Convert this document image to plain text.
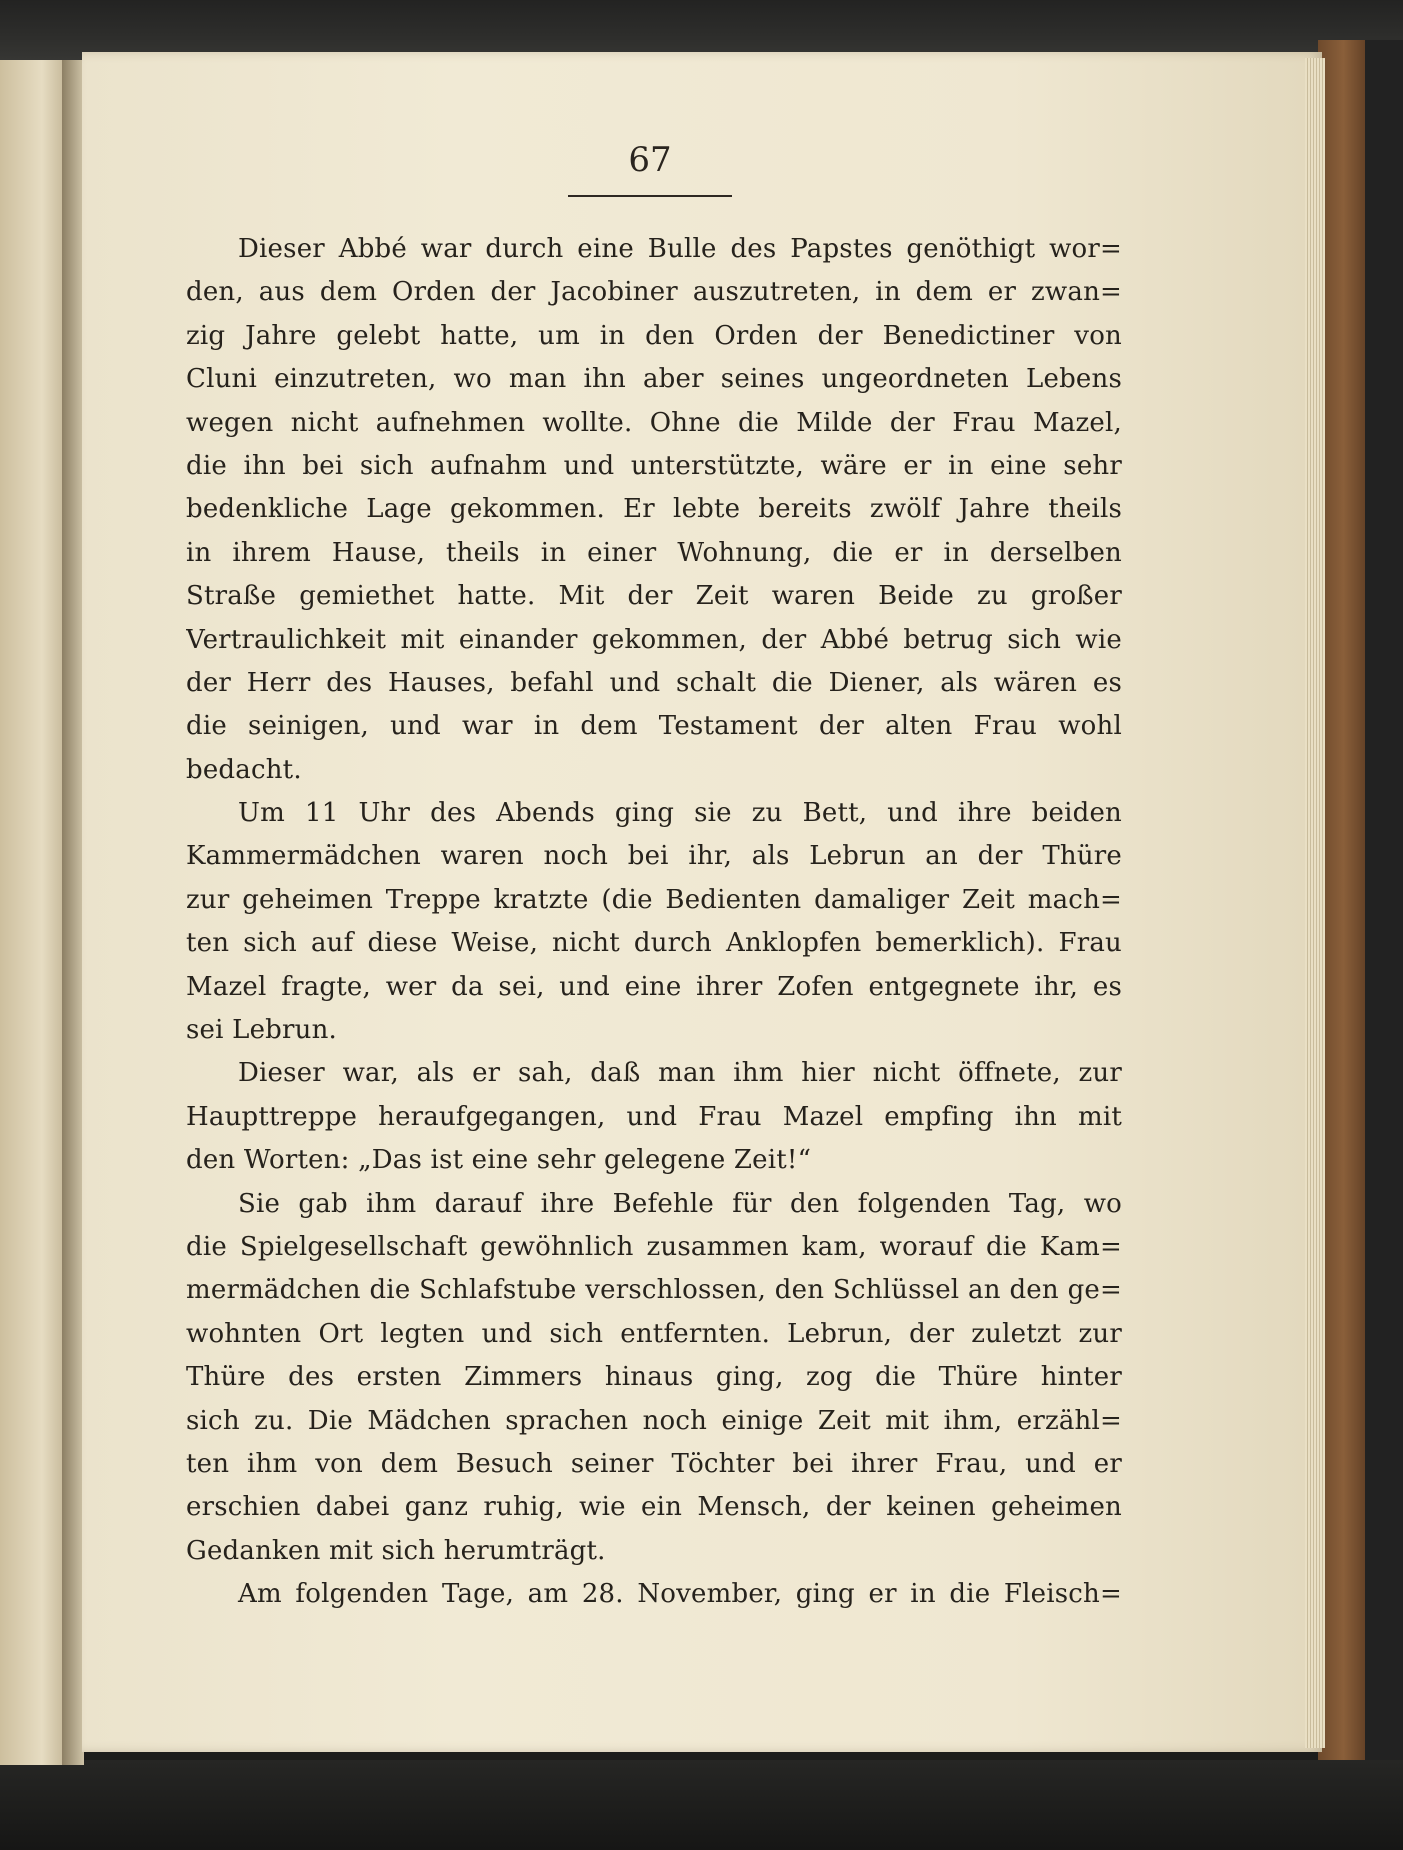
67
Dieser Abbé war durch eine Bulle des Papstes genöthigt wor=
den, aus dem Orden der Jacobiner auszutreten, in dem er zwan=
zig Jahre gelebt hatte, um in den Orden der Benedictiner von
Cluni einzutreten, wo man ihn aber seines ungeordneten Lebens
wegen nicht aufnehmen wollte. Ohne die Milde der Frau Mazel,
die ihn bei sich aufnahm und unterstützte, wäre er in eine sehr
bedenkliche Lage gekommen. Er lebte bereits zwölf Jahre theils
in ihrem Hause, theils in einer Wohnung, die er in derselben
Straße gemiethet hatte. Mit der Zeit waren Beide zu großer
Vertraulichkeit mit einander gekommen, der Abbé betrug sich wie
der Herr des Hauses, befahl und schalt die Diener, als wären es
die seinigen, und war in dem Testament der alten Frau wohl
bedacht.
Um 11 Uhr des Abends ging sie zu Bett, und ihre beiden
Kammermädchen waren noch bei ihr, als Lebrun an der Thüre
zur geheimen Treppe kratzte (die Bedienten damaliger Zeit mach=
ten sich auf diese Weise, nicht durch Anklopfen bemerklich). Frau
Mazel fragte, wer da sei, und eine ihrer Zofen entgegnete ihr, es
sei Lebrun.
Dieser war, als er sah, daß man ihm hier nicht öffnete, zur
Haupttreppe heraufgegangen, und Frau Mazel empfing ihn mit
den Worten: „Das ist eine sehr gelegene Zeit!“
Sie gab ihm darauf ihre Befehle für den folgenden Tag, wo
die Spielgesellschaft gewöhnlich zusammen kam, worauf die Kam=
mermädchen die Schlafstube verschlossen, den Schlüssel an den ge=
wohnten Ort legten und sich entfernten. Lebrun, der zuletzt zur
Thüre des ersten Zimmers hinaus ging, zog die Thüre hinter
sich zu. Die Mädchen sprachen noch einige Zeit mit ihm, erzähl=
ten ihm von dem Besuch seiner Töchter bei ihrer Frau, und er
erschien dabei ganz ruhig, wie ein Mensch, der keinen geheimen
Gedanken mit sich herumträgt.
Am folgenden Tage, am 28. November, ging er in die Fleisch=
